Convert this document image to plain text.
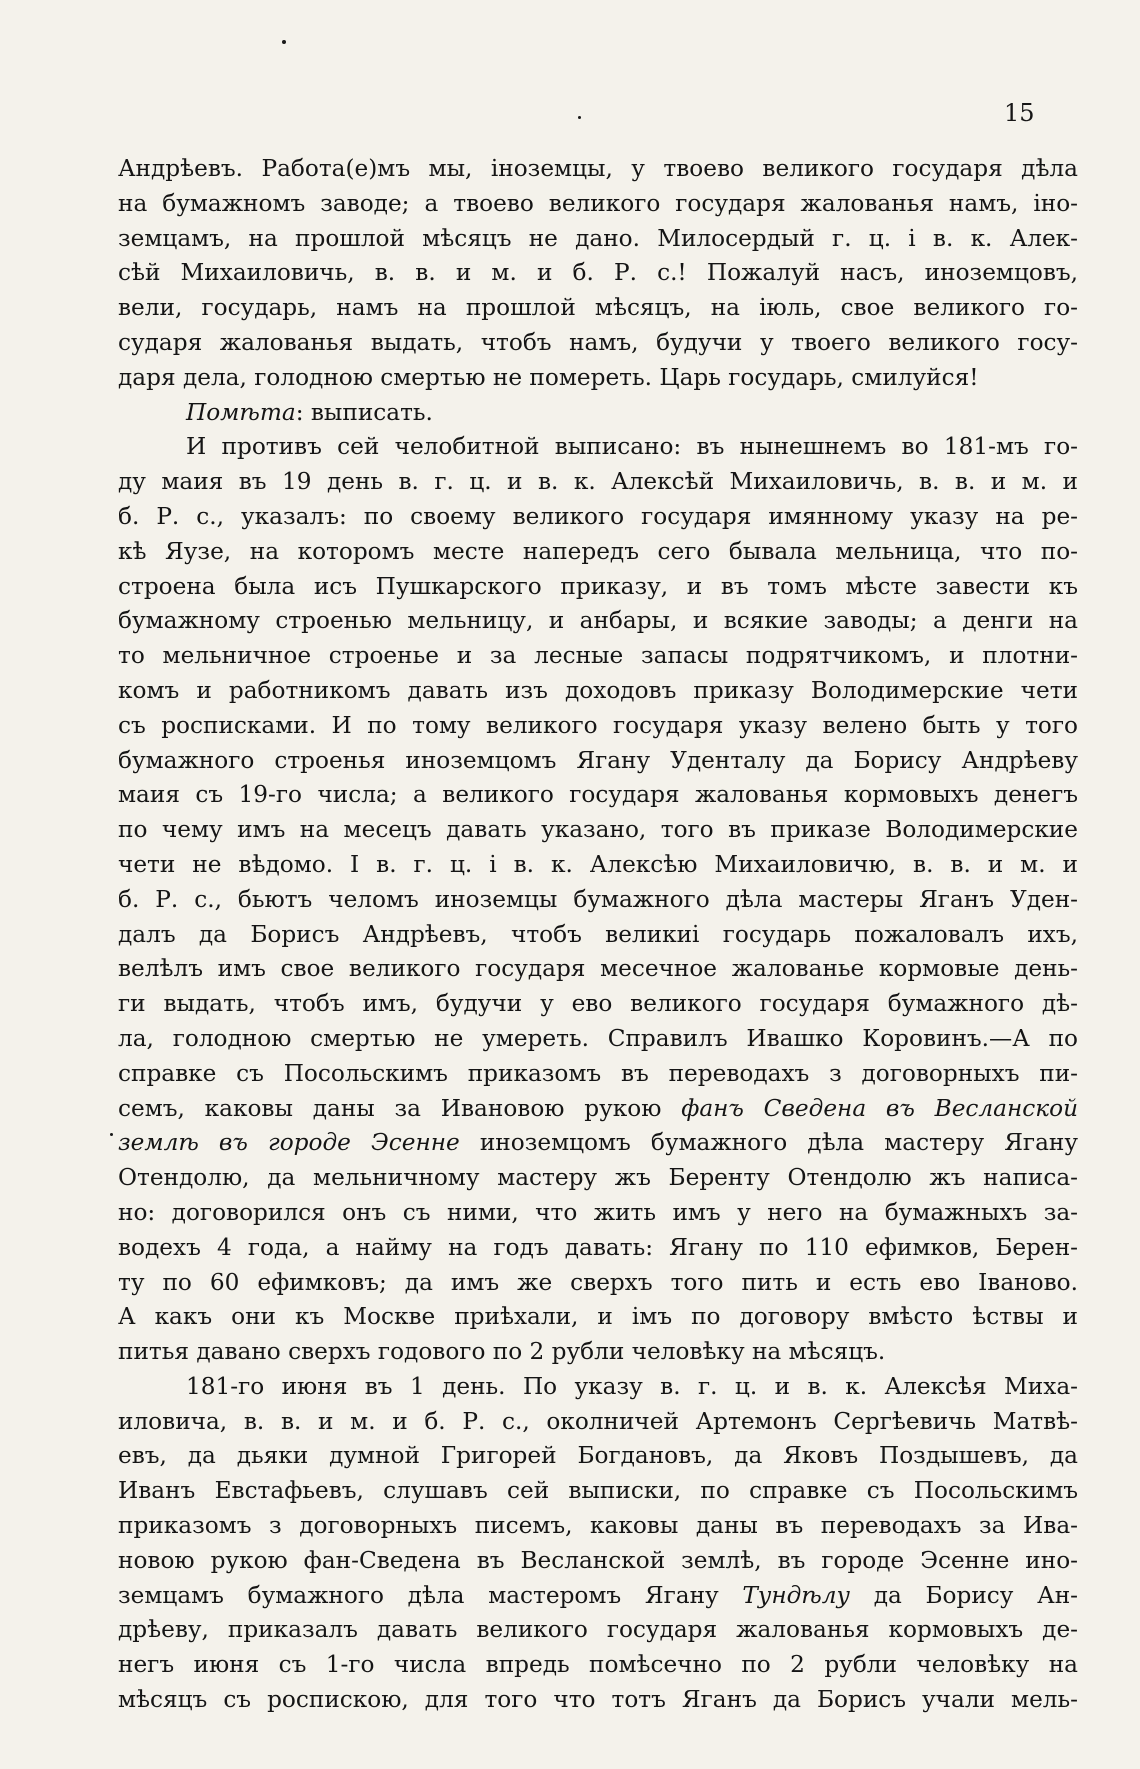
15
Андрѣевъ. Работа(е)мъ мы, іноземцы, у твоево великого государя дѣла
на бумажномъ заводе; а твоево великого государя жалованья намъ, іно-
земцамъ, на прошлой мѣсяцъ не дано. Милосердый г. ц. і в. к. Алек-
сѣй Михаиловичь, в. в. и м. и б. Р. с.! Пожалуй насъ, иноземцовъ,
вели, государь, намъ на прошлой мѣсяцъ, на іюль, свое великого го-
сударя жалованья выдать, чтобъ намъ, будучи у твоего великого госу-
даря дела, голодною смертью не помереть. Царь государь, смилуйся!
Помѣта: выписать.
И противъ сей челобитной выписано: въ нынешнемъ во 181-мъ го-
ду маия въ 19 день в. г. ц. и в. к. Алексѣй Михаиловичь, в. в. и м. и
б. Р. с., указалъ: по своему великого государя имянному указу на ре-
кѣ Яузе, на которомъ месте напередъ сего бывала мельница, что по-
строена была исъ Пушкарского приказу, и въ томъ мѣсте завести къ
бумажному строенью мельницу, и анбары, и всякие заводы; а денги на
то мельничное строенье и за лесные запасы подрятчикомъ, и плотни-
комъ и работникомъ давать изъ доходовъ приказу Володимерские чети
съ росписками. И по тому великого государя указу велено быть у того
бумажного строенья иноземцомъ Ягану Уденталу да Борису Андрѣеву
маия съ 19-го числа; а великого государя жалованья кормовыхъ денегъ
по чему имъ на месецъ давать указано, того въ приказе Володимерские
чети не вѣдомо. І в. г. ц. і в. к. Алексѣю Михаиловичю, в. в. и м. и
б. Р. с., бьютъ челомъ иноземцы бумажного дѣла мастеры Яганъ Уден-
далъ да Борисъ Андрѣевъ, чтобъ великиі государь пожаловалъ ихъ,
велѣлъ имъ свое великого государя месечное жалованье кормовые день-
ги выдать, чтобъ имъ, будучи у ево великого государя бумажного дѣ-
ла, голодною смертью не умереть. Справилъ Ивашко Коровинъ.—А по
справке съ Посольскимъ приказомъ въ переводахъ з договорныхъ пи-
семъ, каковы даны за Ивановою рукою фанъ Сведена въ Весланской
землѣ въ городе Эсенне иноземцомъ бумажного дѣла мастеру Ягану
Отендолю, да мельничному мастеру жъ Беренту Отендолю жъ написа-
но: договорился онъ съ ними, что жить имъ у него на бумажныхъ за-
водехъ 4 года, а найму на годъ давать: Ягану по 110 ефимков, Берен-
ту по 60 ефимковъ; да имъ же сверхъ того пить и есть ево Іваново.
А какъ они къ Москве приѣхали, и імъ по договору вмѣсто ѣствы и
питья давано сверхъ годового по 2 рубли человѣку на мѣсяцъ.
181-го июня въ 1 день. По указу в. г. ц. и в. к. Алексѣя Миха-
иловича, в. в. и м. и б. Р. с., околничей Артемонъ Сергѣевичь Матвѣ-
евъ, да дьяки думной Григорей Богдановъ, да Яковъ Поздышевъ, да
Иванъ Евстафьевъ, слушавъ сей выписки, по справке съ Посольскимъ
приказомъ з договорныхъ писемъ, каковы даны въ переводахъ за Ива-
новою рукою фан-Сведена въ Весланской землѣ, въ городе Эсенне ино-
земцамъ бумажного дѣла мастеромъ Ягану Тундѣлу да Борису Ан-
дрѣеву, приказалъ давать великого государя жалованья кормовыхъ де-
негъ июня съ 1-го числа впредь помѣсечно по 2 рубли человѣку на
мѣсяцъ съ роспискою, для того что тотъ Яганъ да Борисъ учали мель-
